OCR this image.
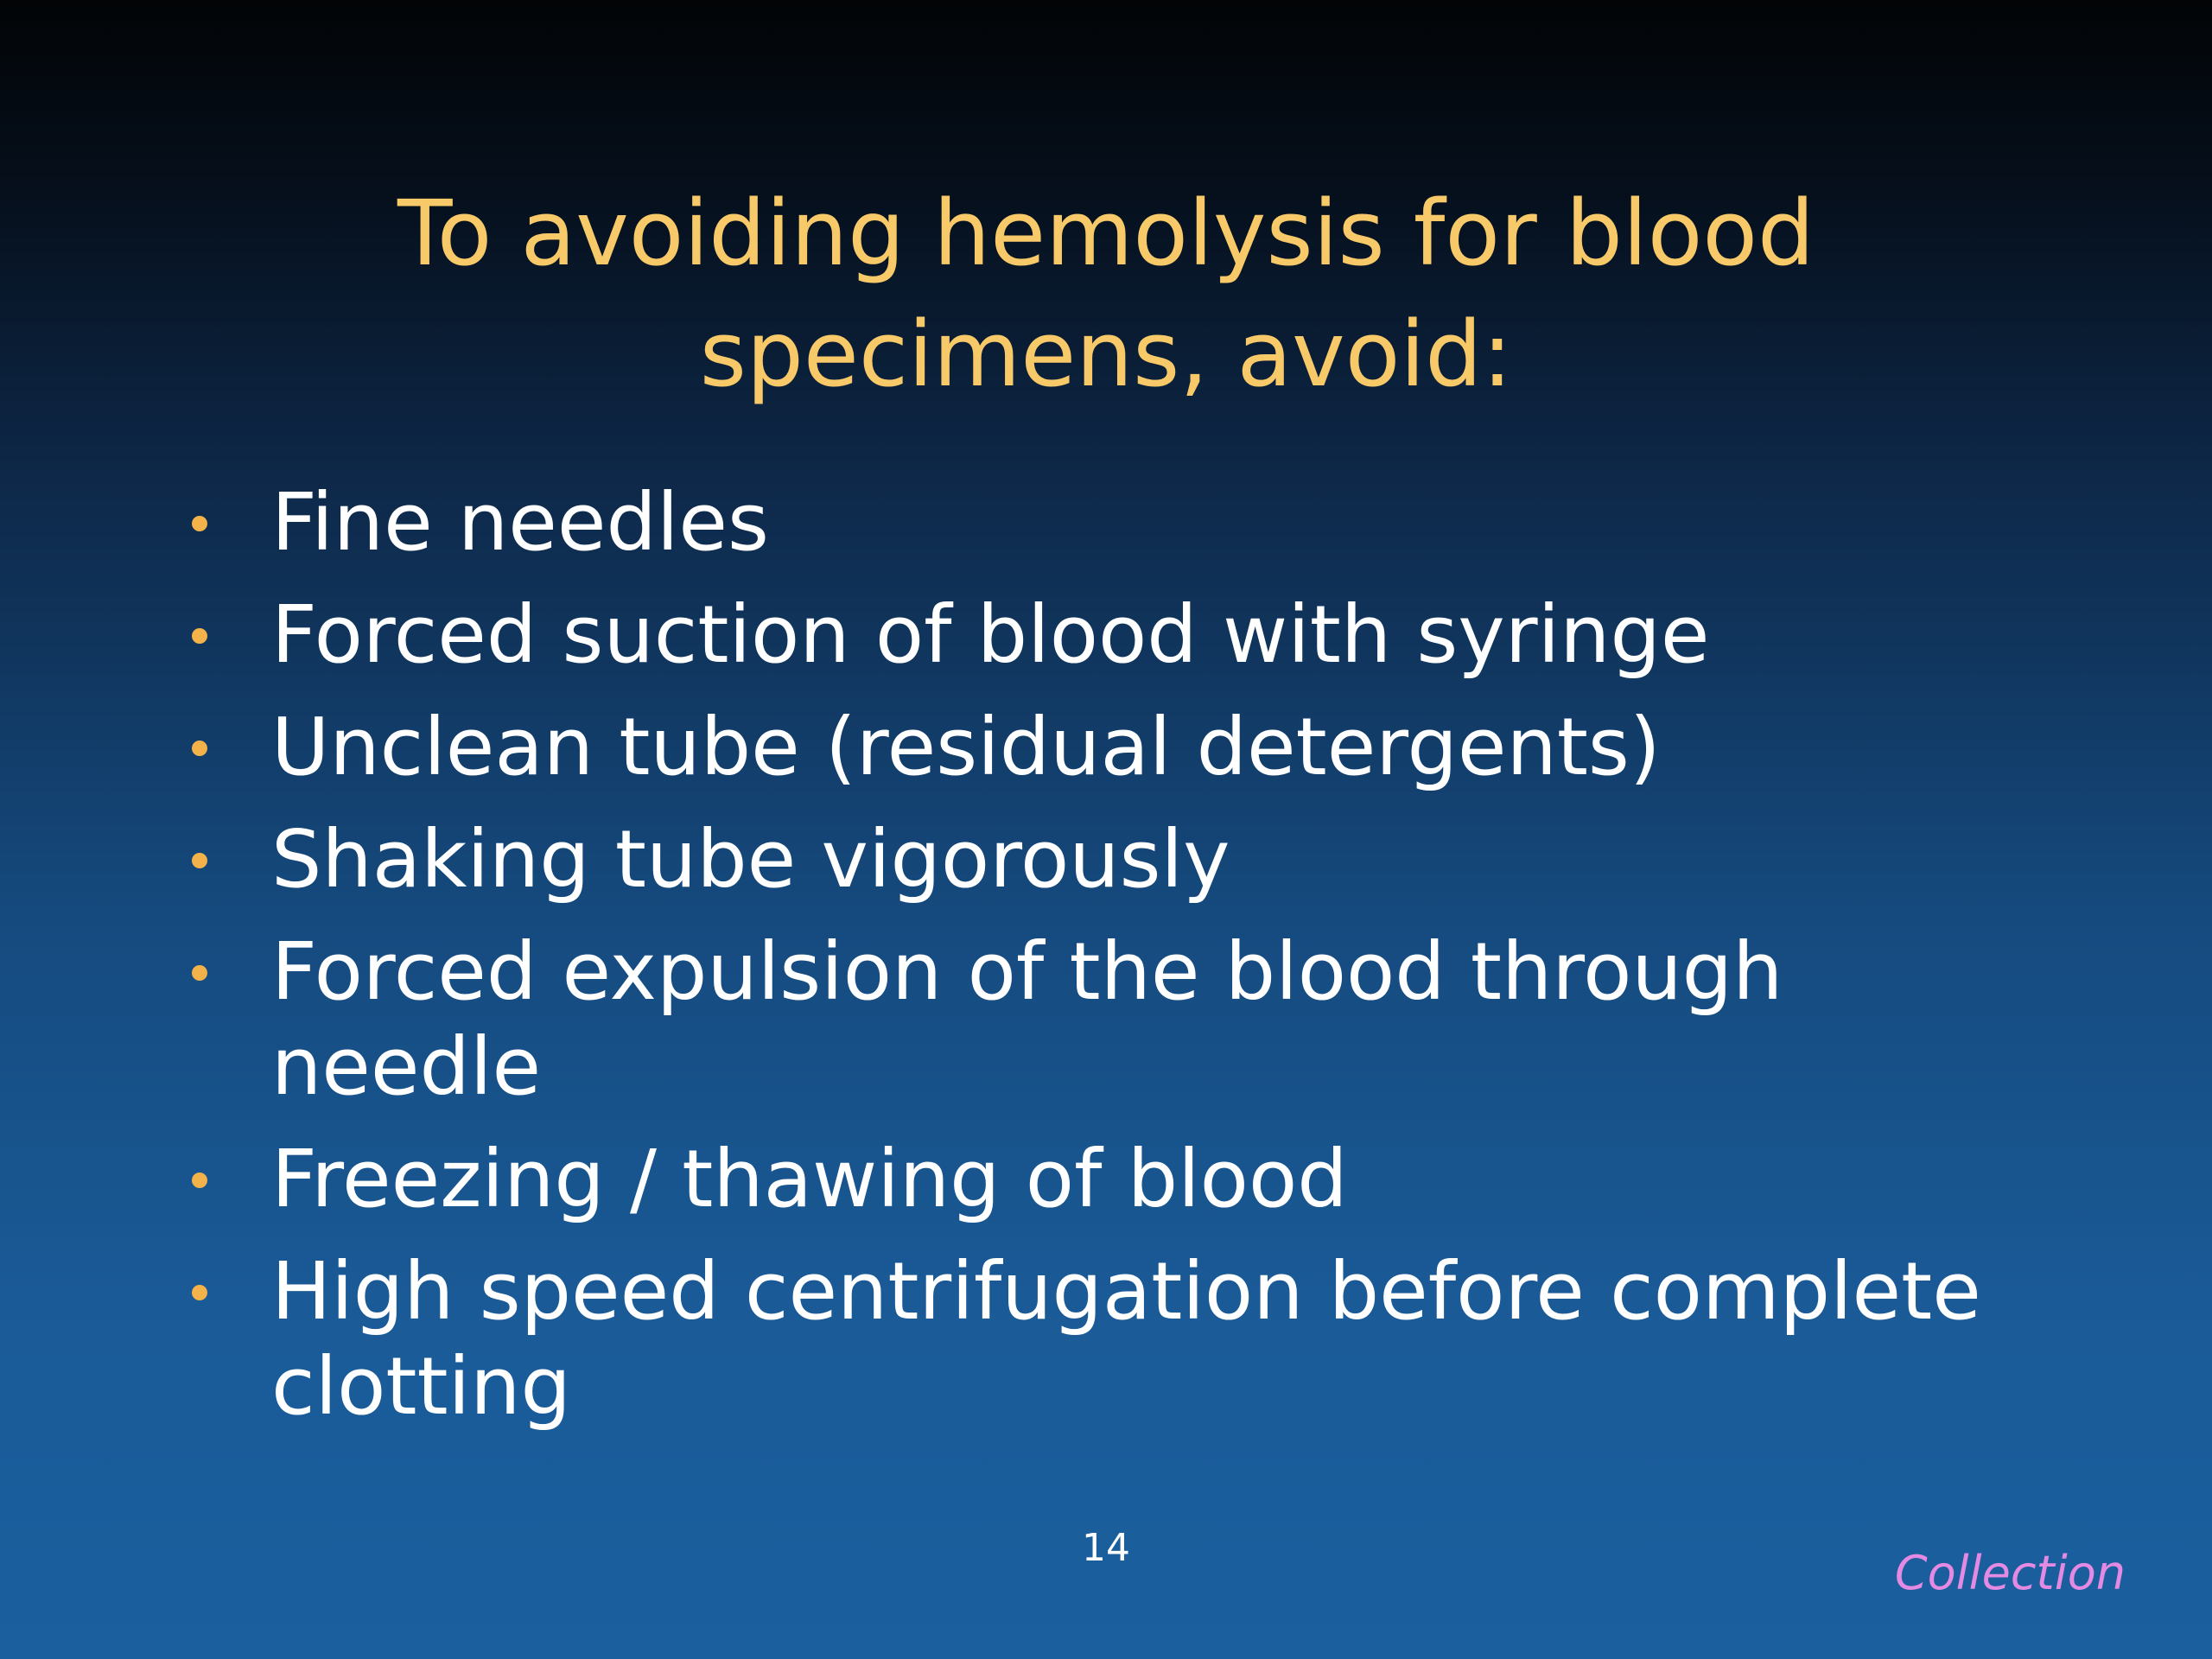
To avoiding hemolysis for blood specimens, avoid:
Fine needles
Forced suction of blood with syringe
Unclean tube (residual detergents)
Shaking tube vigorously
Forced expulsion of the blood through needle
Freezing / thawing of blood
High speed centrifugation before complete clotting
14	Collection
